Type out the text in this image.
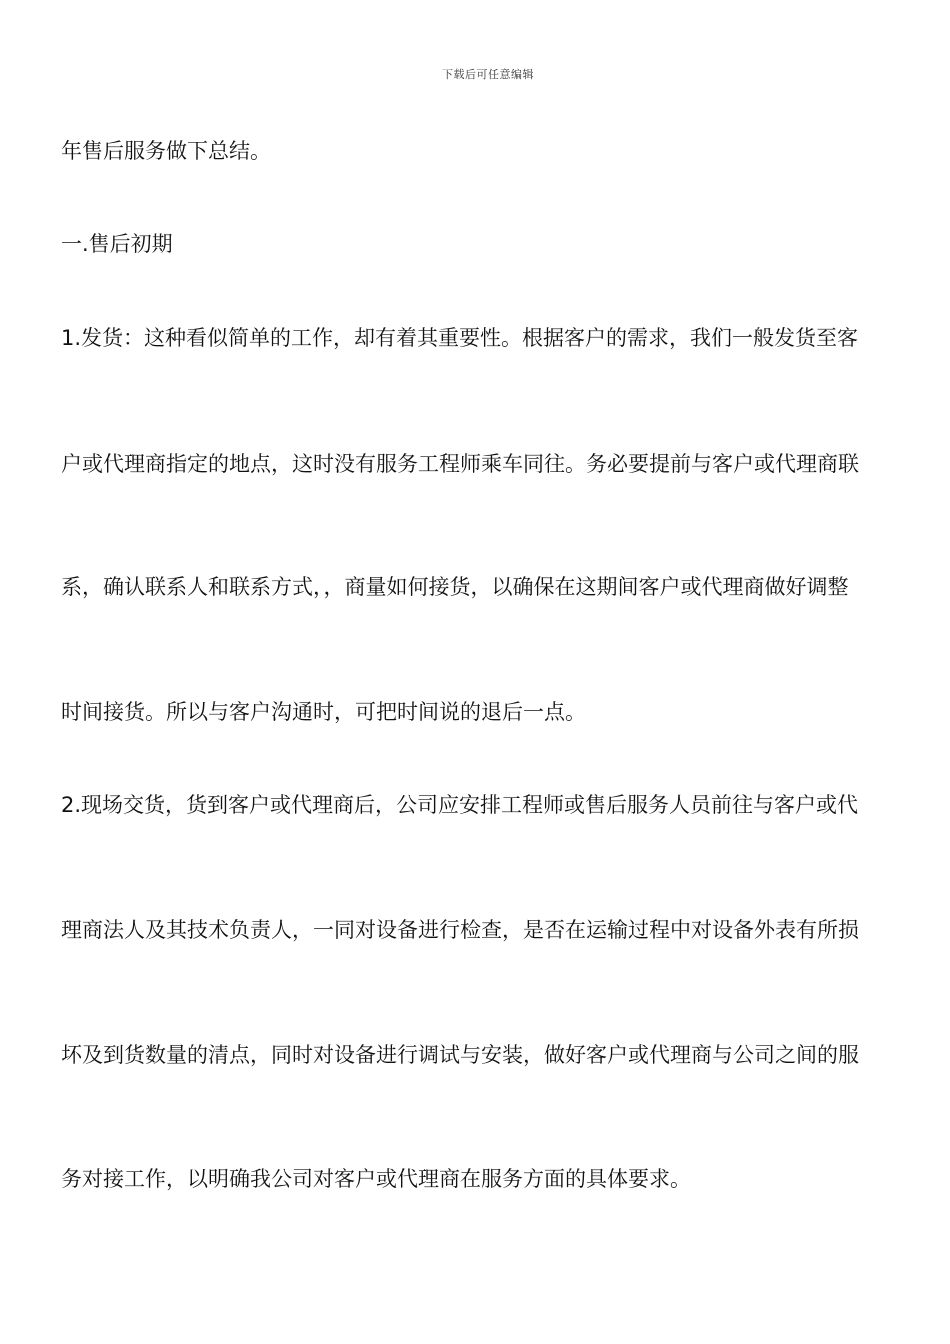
下载后可任意编辑
年售后服务做下总结。
一.售后初期
1.发货：这种看似简单的工作，却有着其重要性。根据客户的需求，我们一般发货至客
户或代理商指定的地点，这时没有服务工程师乘车同往。务必要提前与客户或代理商联
系，确认联系人和联系方式，，商量如何接货，以确保在这期间客户或代理商做好调整
时间接货。所以与客户沟通时，可把时间说的退后一点。
2.现场交货，货到客户或代理商后，公司应安排工程师或售后服务人员前往与客户或代
理商法人及其技术负责人，一同对设备进行检查，是否在运输过程中对设备外表有所损
坏及到货数量的清点，同时对设备进行调试与安装，做好客户或代理商与公司之间的服
务对接工作，以明确我公司对客户或代理商在服务方面的具体要求。
